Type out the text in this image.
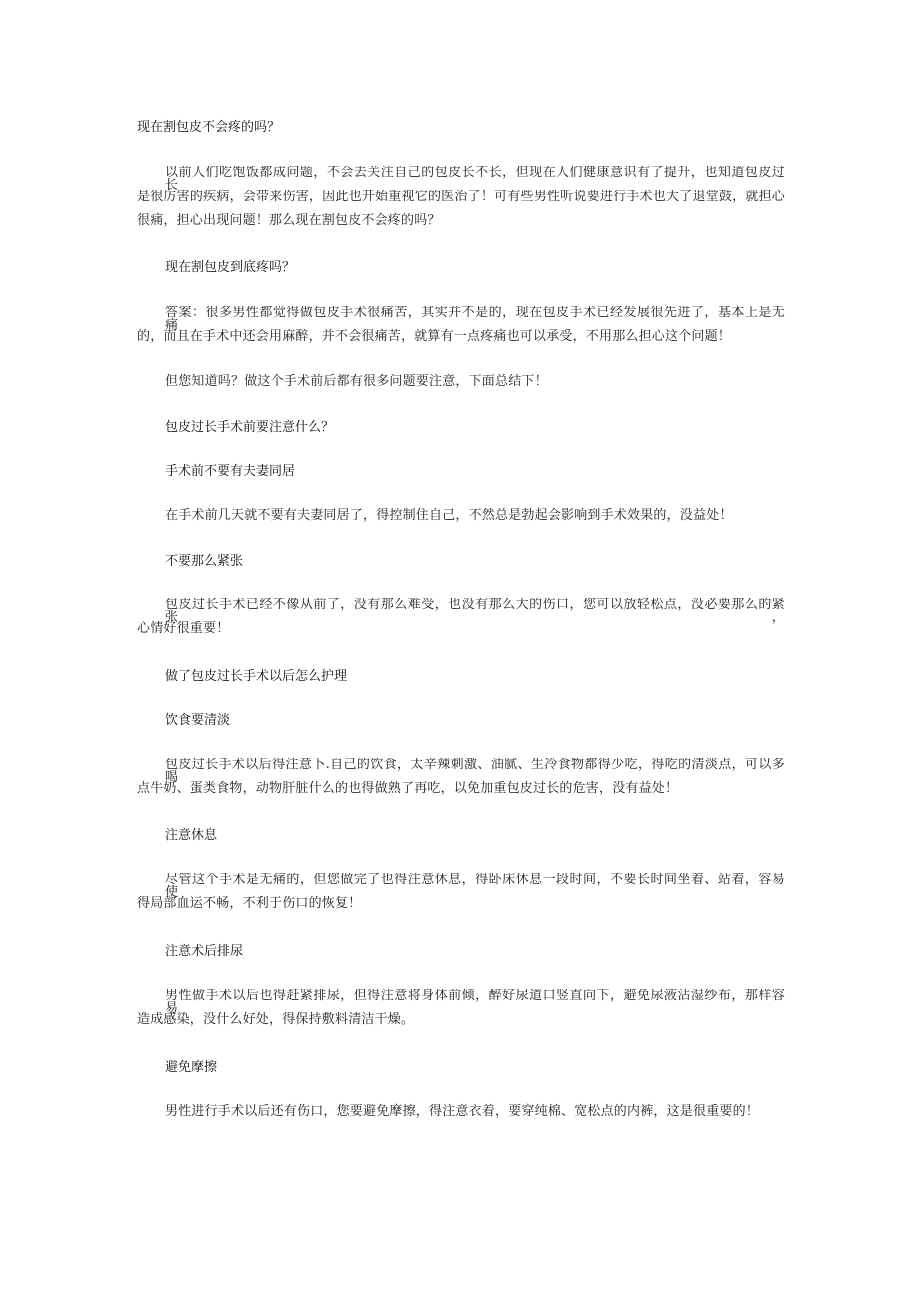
现在割包皮不会疼的吗？
以前人们吃饱饭都成问题，不会去关注自己的包皮长不长，但现在人们健康意识有了提升，也知道包皮过长
是很厉害的疾病，会带来伤害，因此也开始重视它的医治了！可有些男性听说要进行手术也大了退堂鼓，就担心
很痛，担心出现问题！那么现在割包皮不会疼的吗？
现在割包皮到底疼吗？
答案：很多男性都觉得做包皮手术很痛苦，其实并不是的，现在包皮手术已经发展很先进了，基本上是无痛
的，而且在手术中还会用麻醉，并不会很痛苦，就算有一点疼痛也可以承受，不用那么担心这个问题！
但您知道吗？做这个手术前后都有很多问题要注意，下面总结下！
包皮过长手术前要注意什么？
手术前不要有夫妻同居
在手术前几天就不要有夫妻同居了，得控制住自己，不然总是勃起会影响到手术效果的，没益处！
不要那么紧张
包皮过长手术已经不像从前了，没有那么难受，也没有那么大的伤口，您可以放轻松点，没必要那么的紧张，
心情好很重要！
做了包皮过长手术以后怎么护理
饮食要清淡
包皮过长手术以后得注意卜.自己的饮食，太辛辣刺激、油腻、生冷食物都得少吃，得吃的清淡点，可以多喝
点牛奶、蛋类食物，动物肝脏什么的也得做熟了再吃，以免加重包皮过长的危害，没有益处！
注意休息
尽管这个手术是无痛的，但您做完了也得注意休息，得卧床休息一段时间，不要长时间坐着、站着，容易使
得局部血运不畅，不利于伤口的恢复！
注意术后排尿
男性做手术以后也得赶紧排尿，但得注意将身体前倾，醉好尿道口竖直向下，避免尿液沾湿纱布，那样容易
造成感染，没什么好处，得保持敷料清洁干燥。
避免摩擦
男性进行手术以后还有伤口，您要避免摩擦，得注意衣着，要穿纯棉、宽松点的内裤，这是很重要的！
